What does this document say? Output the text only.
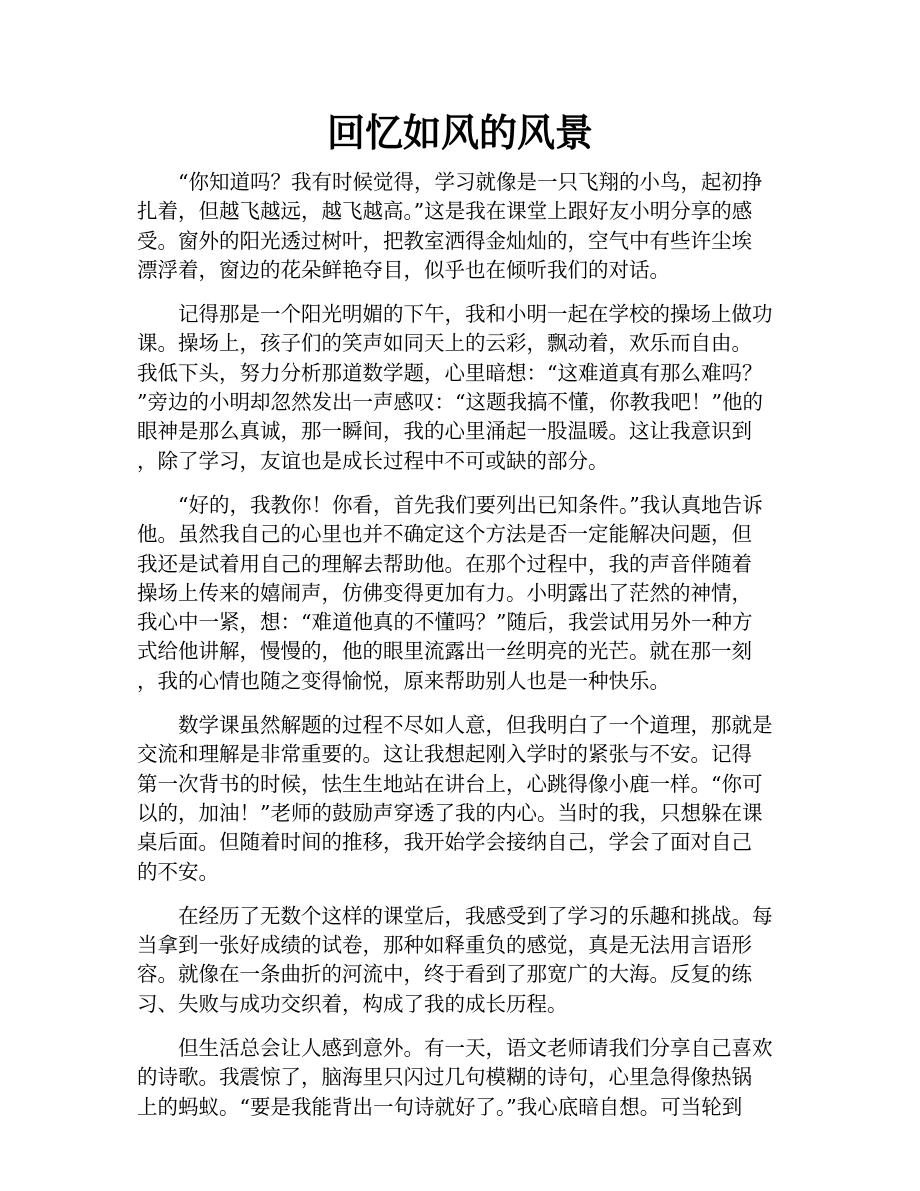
回忆如风的风景

“你知道吗？我有时候觉得，学习就像是一只飞翔的小鸟，起初挣
扎着，但越飞越远，越飞越高。”这是我在课堂上跟好友小明分享的感
受。窗外的阳光透过树叶，把教室洒得金灿灿的，空气中有些许尘埃
漂浮着，窗边的花朵鲜艳夺目，似乎也在倾听我们的对话。

记得那是一个阳光明媚的下午，我和小明一起在学校的操场上做功
课。操场上，孩子们的笑声如同天上的云彩，飘动着，欢乐而自由。
我低下头，努力分析那道数学题，心里暗想：“这难道真有那么难吗？
”旁边的小明却忽然发出一声感叹：“这题我搞不懂，你教我吧！”他的
眼神是那么真诚，那一瞬间，我的心里涌起一股温暖。这让我意识到
，除了学习，友谊也是成长过程中不可或缺的部分。

“好的，我教你！你看，首先我们要列出已知条件。”我认真地告诉
他。虽然我自己的心里也并不确定这个方法是否一定能解决问题，但
我还是试着用自己的理解去帮助他。在那个过程中，我的声音伴随着
操场上传来的嬉闹声，仿佛变得更加有力。小明露出了茫然的神情，
我心中一紧，想：“难道他真的不懂吗？”随后，我尝试用另外一种方
式给他讲解，慢慢的，他的眼里流露出一丝明亮的光芒。就在那一刻
，我的心情也随之变得愉悦，原来帮助别人也是一种快乐。

数学课虽然解题的过程不尽如人意，但我明白了一个道理，那就是
交流和理解是非常重要的。这让我想起刚入学时的紧张与不安。记得
第一次背书的时候，怯生生地站在讲台上，心跳得像小鹿一样。“你可
以的，加油！”老师的鼓励声穿透了我的内心。当时的我，只想躲在课
桌后面。但随着时间的推移，我开始学会接纳自己，学会了面对自己
的不安。

在经历了无数个这样的课堂后，我感受到了学习的乐趣和挑战。每
当拿到一张好成绩的试卷，那种如释重负的感觉，真是无法用言语形
容。就像在一条曲折的河流中，终于看到了那宽广的大海。反复的练
习、失败与成功交织着，构成了我的成长历程。

但生活总会让人感到意外。有一天，语文老师请我们分享自己喜欢
的诗歌。我震惊了，脑海里只闪过几句模糊的诗句，心里急得像热锅
上的蚂蚁。“要是我能背出一句诗就好了。”我心底暗自想。可当轮到
